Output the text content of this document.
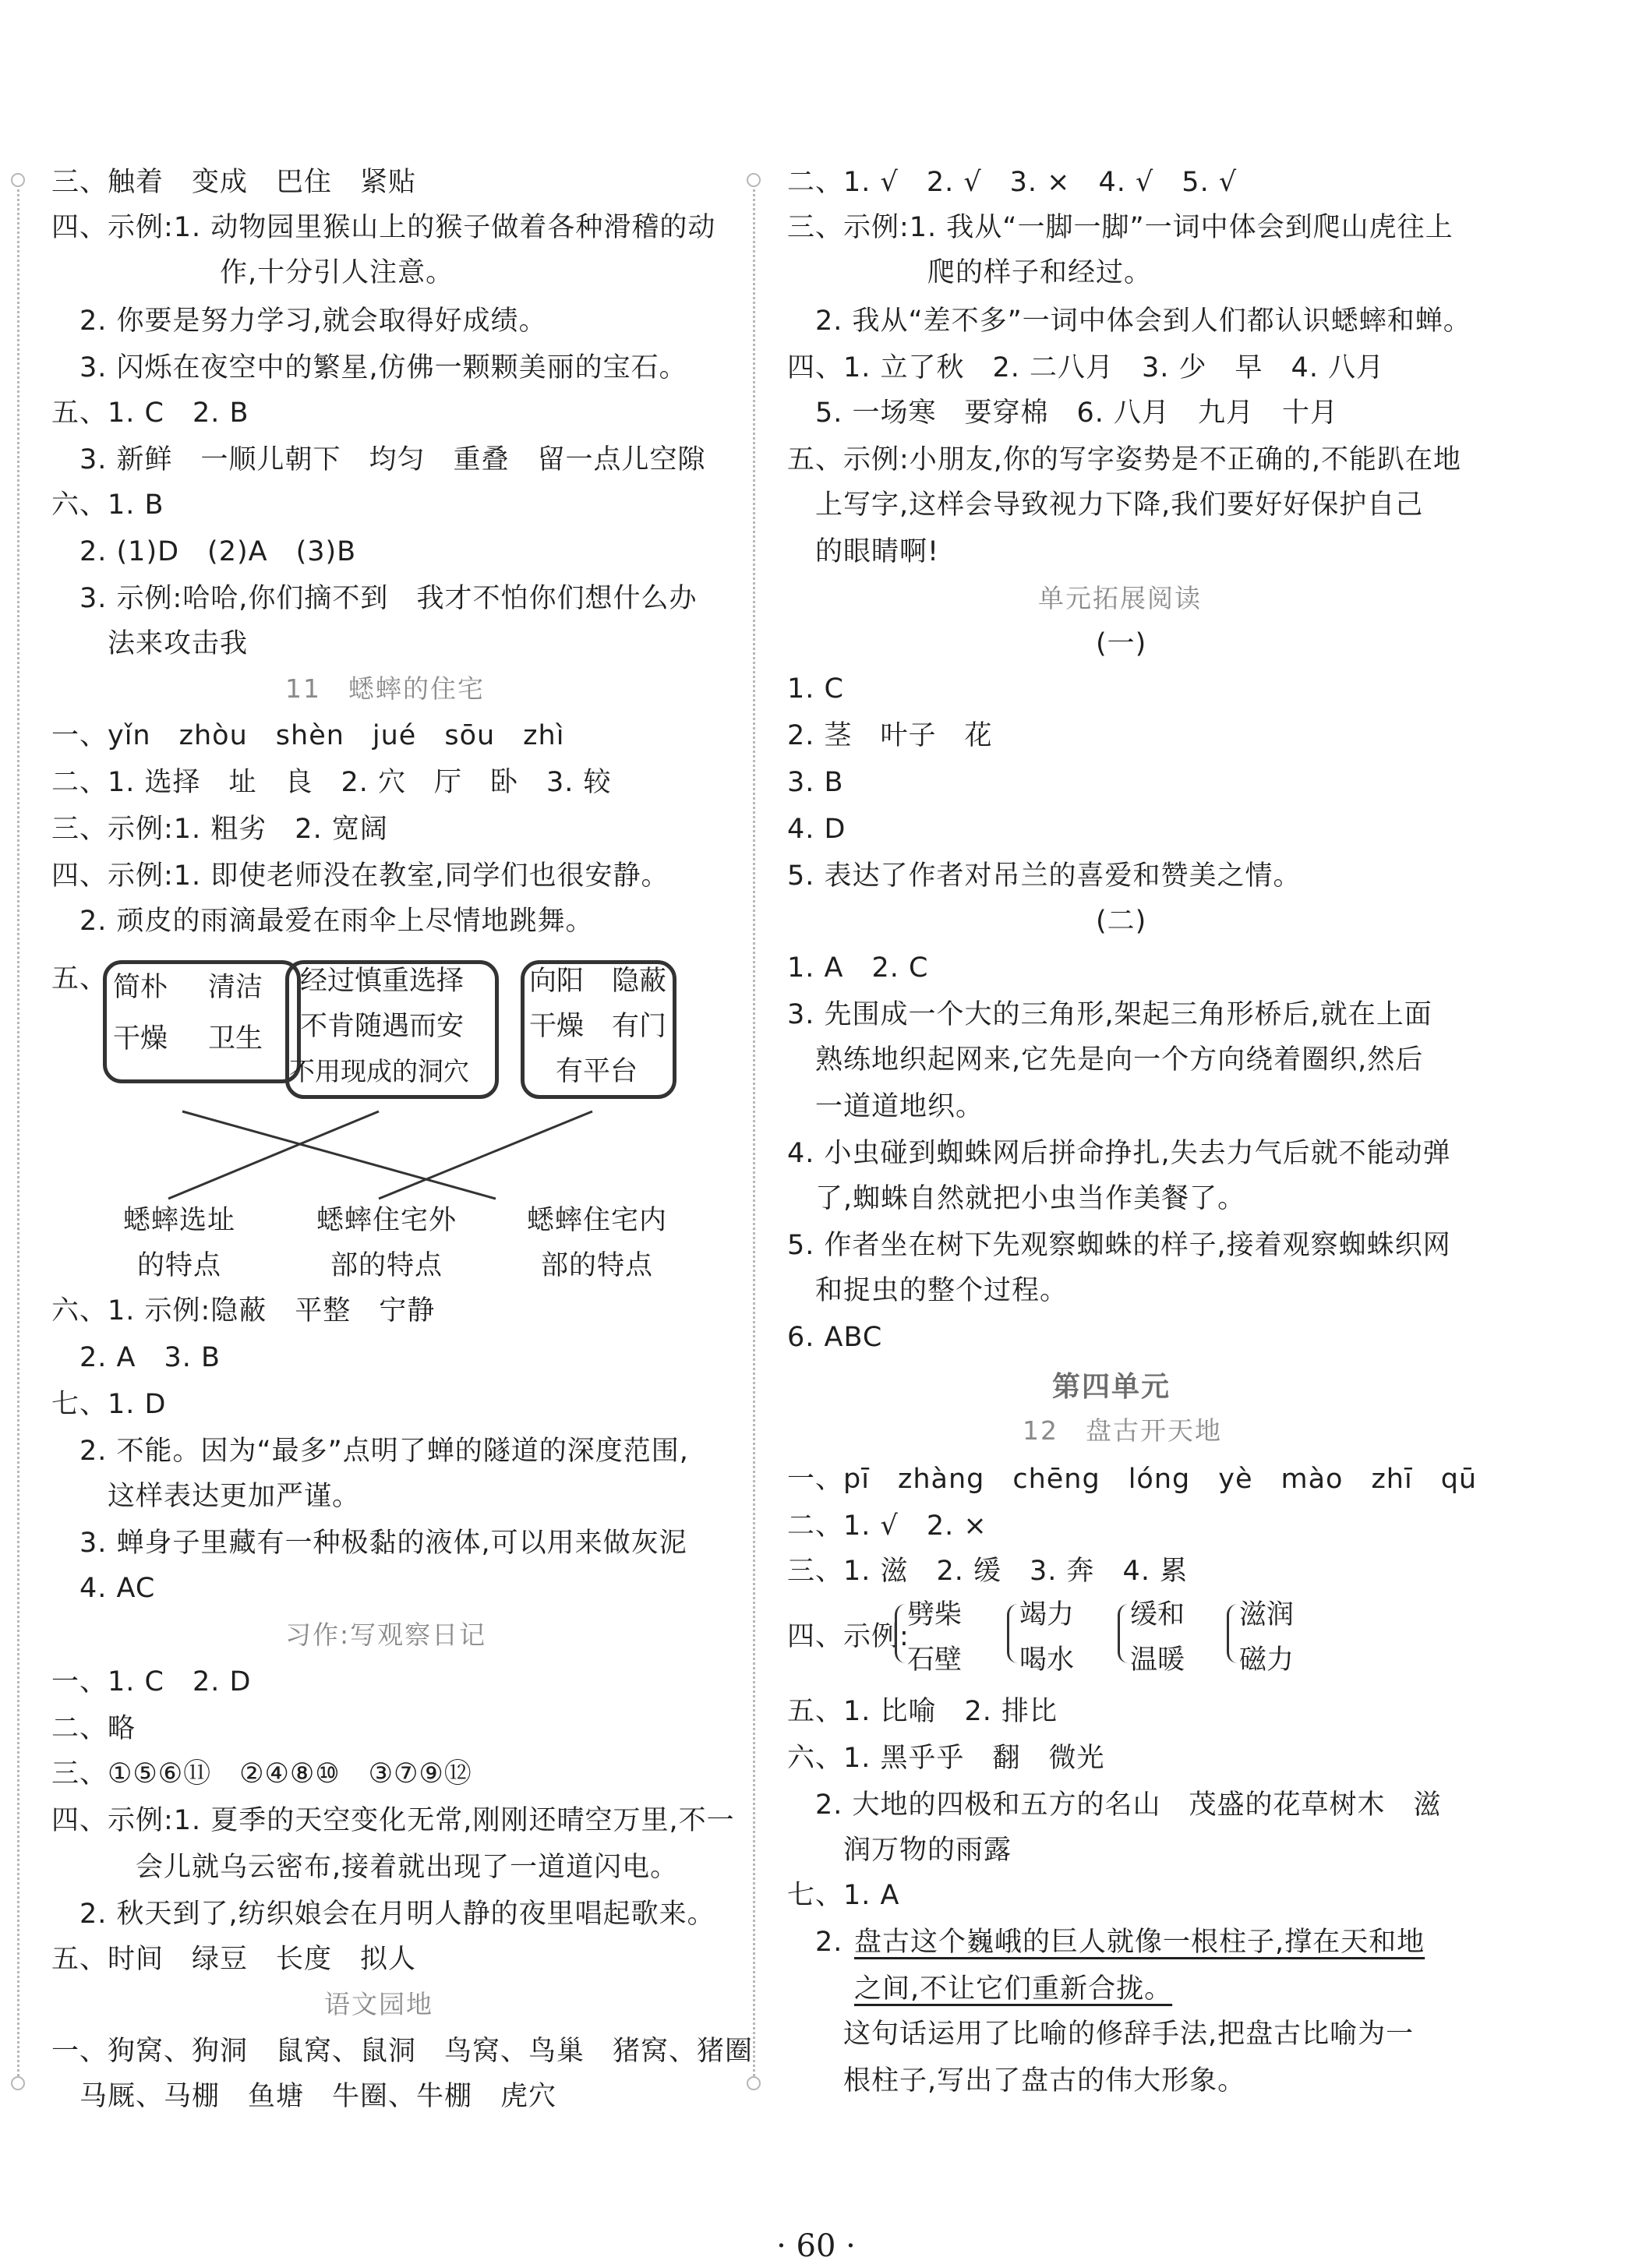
三、触着　变成　巴住　紧贴
四、示例:1. 动物园里猴山上的猴子做着各种滑稽的动
　　　　　　作,十分引人注意。
　2. 你要是努力学习,就会取得好成绩。
　3. 闪烁在夜空中的繁星,仿佛一颗颗美丽的宝石。
五、1. C　2. B
　3. 新鲜　一顺儿朝下　均匀　重叠　留一点儿空隙
六、1. B
　2. (1)D　(2)A　(3)B
　3. 示例:哈哈,你们摘不到　我才不怕你们想什么办
　　法来攻击我
11　蟋蟀的住宅
一、yǐn　zhòu　shèn　jué　sōu　zhì
二、1. 选择　址　良　2. 穴　厅　卧　3. 较
三、示例:1. 粗劣　2. 宽阔
四、示例:1. 即使老师没在教室,同学们也很安静。
　2. 顽皮的雨滴最爱在雨伞上尽情地跳舞。
五、 简朴 清洁
干燥 卫生
经过慎重选择
不肯随遇而安
不用现成的洞穴
向阳 隐蔽
干燥 有门
有平台
蟋蟀选址
的特点
蟋蟀住宅外
部的特点
蟋蟀住宅内
部的特点
六、1. 示例:隐蔽　平整　宁静
　2. A　3. B
七、1. D
　2. 不能。因为“最多”点明了蝉的隧道的深度范围,
　　这样表达更加严谨。
　3. 蝉身子里藏有一种极黏的液体,可以用来做灰泥
　4. AC
习作:写观察日记
一、1. C　2. D
二、略
三、①⑤⑥⑪　②④⑧⑩　③⑦⑨⑫
四、示例:1. 夏季的天空变化无常,刚刚还晴空万里,不一
　　　会儿就乌云密布,接着就出现了一道道闪电。
　2. 秋天到了,纺织娘会在月明人静的夜里唱起歌来。
五、时间　绿豆　长度　拟人
语文园地
一、狗窝、狗洞　鼠窝、鼠洞　鸟窝、鸟巢　猪窝、猪圈
　马厩、马棚　鱼塘　牛圈、牛棚　虎穴
二、1. √　2. √　3. ×　4. √　5. √
三、示例:1. 我从“一脚一脚”一词中体会到爬山虎往上
　　　　　爬的样子和经过。
　2. 我从“差不多”一词中体会到人们都认识蟋蟀和蝉。
四、1. 立了秋　2. 二八月　3. 少　早　4. 八月
　5. 一场寒　要穿棉　6. 八月　九月　十月
五、示例:小朋友,你的写字姿势是不正确的,不能趴在地
　上写字,这样会导致视力下降,我们要好好保护自己
　的眼睛啊!
单元拓展阅读
(一)
1. C
2. 茎　叶子　花
3. B
4. D
5. 表达了作者对吊兰的喜爱和赞美之情。
(二)
1. A　2. C
3. 先围成一个大的三角形,架起三角形桥后,就在上面
　熟练地织起网来,它先是向一个方向绕着圈织,然后
　一道道地织。
4. 小虫碰到蜘蛛网后拼命挣扎,失去力气后就不能动弹
　了,蜘蛛自然就把小虫当作美餐了。
5. 作者坐在树下先观察蜘蛛的样子,接着观察蜘蛛织网
　和捉虫的整个过程。
6. ABC
第四单元
12　盘古开天地
一、pī　zhàng　chēng　lóng　yè　mào　zhī　qū
二、1. √　2. ×
三、1. 滋　2. 缓　3. 奔　4. 累
四、示例:
劈柴
石壁
竭力
喝水
缓和
温暖
滋润
磁力
五、1. 比喻　2. 排比
六、1. 黑乎乎　翻　微光
　2. 大地的四极和五方的名山　茂盛的花草树木　滋
　　润万物的雨露
七、1. A
　2. 盘古这个巍峨的巨人就像一根柱子,撑在天和地
之间,不让它们重新合拢。
　　这句话运用了比喻的修辞手法,把盘古比喻为一
　　根柱子,写出了盘古的伟大形象。
· 60 ·
